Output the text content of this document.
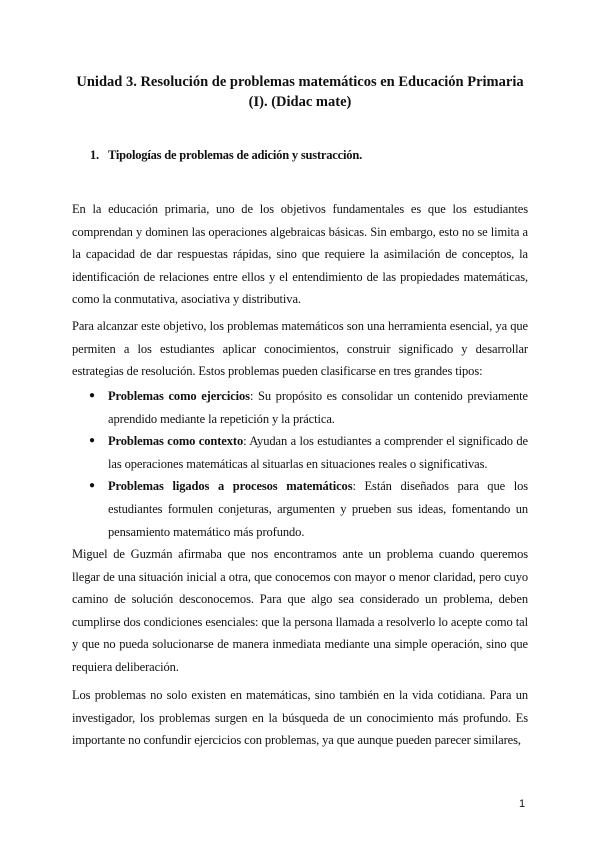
Unidad 3. Resolución de problemas matemáticos en Educación Primaria (I). (Didac mate)
1. Tipologías de problemas de adición y sustracción.

En la educación primaria, uno de los objetivos fundamentales es que los estudiantes comprendan y dominen las operaciones algebraicas básicas. Sin embargo, esto no se limita a la capacidad de dar respuestas rápidas, sino que requiere la asimilación de conceptos, la identificación de relaciones entre ellos y el entendimiento de las propiedades matemáticas, como la conmutativa, asociativa y distributiva.

Para alcanzar este objetivo, los problemas matemáticos son una herramienta esencial, ya que permiten a los estudiantes aplicar conocimientos, construir significado y desarrollar estrategias de resolución. Estos problemas pueden clasificarse en tres grandes tipos:

● Problemas como ejercicios: Su propósito es consolidar un contenido previamente aprendido mediante la repetición y la práctica.
● Problemas como contexto: Ayudan a los estudiantes a comprender el significado de las operaciones matemáticas al situarlas en situaciones reales o significativas.
● Problemas ligados a procesos matemáticos: Están diseñados para que los estudiantes formulen conjeturas, argumenten y prueben sus ideas, fomentando un pensamiento matemático más profundo.

Miguel de Guzmán afirmaba que nos encontramos ante un problema cuando queremos llegar de una situación inicial a otra, que conocemos con mayor o menor claridad, pero cuyo camino de solución desconocemos. Para que algo sea considerado un problema, deben cumplirse dos condiciones esenciales: que la persona llamada a resolverlo lo acepte como tal y que no pueda solucionarse de manera inmediata mediante una simple operación, sino que requiera deliberación.

Los problemas no solo existen en matemáticas, sino también en la vida cotidiana. Para un investigador, los problemas surgen en la búsqueda de un conocimiento más profundo. Es importante no confundir ejercicios con problemas, ya que aunque pueden parecer similares,

1
